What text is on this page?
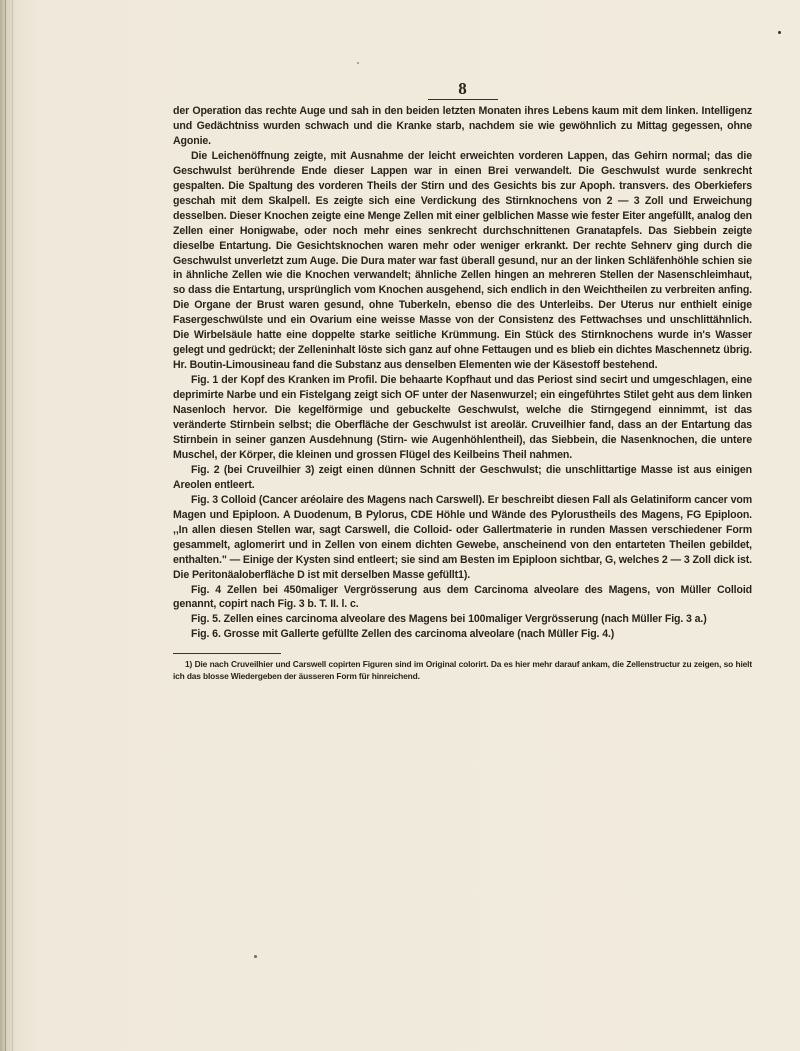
8

der Operation das rechte Auge und sah in den beiden letzten Monaten ihres Lebens kaum mit dem linken. Intelligenz und Gedächtniss wurden schwach und die Kranke starb, nachdem sie wie gewöhnlich zu Mittag gegessen, ohne Agonie.

Die Leichenöffnung zeigte, mit Ausnahme der leicht erweichten vorderen Lappen, das Gehirn normal; das die Geschwulst berührende Ende dieser Lappen war in einen Brei verwandelt. Die Geschwulst wurde senkrecht gespalten. Die Spaltung des vorderen Theils der Stirn und des Gesichts bis zur Apoph. transvers. des Oberkiefers geschah mit dem Skalpell. Es zeigte sich eine Verdickung des Stirnknochens von 2 — 3 Zoll und Erweichung desselben. Dieser Knochen zeigte eine Menge Zellen mit einer gelblichen Masse wie fester Eiter angefüllt, analog den Zellen einer Honigwabe, oder noch mehr eines senkrecht durchschnittenen Granatapfels. Das Siebbein zeigte dieselbe Entartung. Die Gesichtsknochen waren mehr oder weniger erkrankt. Der rechte Sehnerv ging durch die Geschwulst unverletzt zum Auge. Die Dura mater war fast überall gesund, nur an der linken Schläfenhöhle schien sie in ähnliche Zellen wie die Knochen verwandelt; ähnliche Zellen hingen an mehreren Stellen der Nasenschleimhaut, so dass die Entartung, ursprünglich vom Knochen ausgehend, sich endlich in den Weichtheilen zu verbreiten anfing. Die Organe der Brust waren gesund, ohne Tuberkeln, ebenso die des Unterleibs. Der Uterus nur enthielt einige Fasergeschwülste und ein Ovarium eine weisse Masse von der Consistenz des Fettwachses und unschlittähnlich. Die Wirbelsäule hatte eine doppelte starke seitliche Krümmung. Ein Stück des Stirnknochens wurde in's Wasser gelegt und gedrückt; der Zelleninhalt löste sich ganz auf ohne Fettaugen und es blieb ein dichtes Maschennetz übrig. Hr. Boutin-Limousineau fand die Substanz aus denselben Elementen wie der Käsestoff bestehend.

Fig. 1 der Kopf des Kranken im Profil. Die behaarte Kopfhaut und das Periost sind secirt und umgeschlagen, eine deprimirte Narbe und ein Fistelgang zeigt sich OF unter der Nasenwurzel; ein eingeführtes Stilet geht aus dem linken Nasenloch hervor. Die kegelförmige und gebuckelte Geschwulst, welche die Stirngegend einnimmt, ist das veränderte Stirnbein selbst; die Oberfläche der Geschwulst ist areolär. Cruveilhier fand, dass an der Entartung das Stirnbein in seiner ganzen Ausdehnung (Stirn- wie Augenhöhlentheil), das Siebbein, die Nasenknochen, die untere Muschel, der Körper, die kleinen und grossen Flügel des Keilbeins Theil nahmen.

Fig. 2 (bei Cruveilhier 3) zeigt einen dünnen Schnitt der Geschwulst; die unschlittartige Masse ist aus einigen Areolen entleert.

Fig. 3 Colloid (Cancer aréolaire des Magens nach Carswell). Er beschreibt diesen Fall als Gelatiniform cancer vom Magen und Epiploon. A Duodenum, B Pylorus, CDE Höhle und Wände des Pylorustheils des Magens, FG Epiploon. ,,In allen diesen Stellen war, sagt Carswell, die Colloid- oder Gallertmaterie in runden Massen verschiedener Form gesammelt, aglomerirt und in Zellen von einem dichten Gewebe, anscheinend von den entarteten Theilen gebildet, enthalten." — Einige der Kysten sind entleert; sie sind am Besten im Epiploon sichtbar, G, welches 2 — 3 Zoll dick ist. Die Peritonäaloberfläche D ist mit derselben Masse gefüllt1).

Fig. 4 Zellen bei 450maliger Vergrösserung aus dem Carcinoma alveolare des Magens, von Müller Colloid genannt, copirt nach Fig. 3 b. T. II. l. c.

Fig. 5. Zellen eines carcinoma alveolare des Magens bei 100maliger Vergrösserung (nach Müller Fig. 3 a.)

Fig. 6. Grosse mit Gallerte gefüllte Zellen des carcinoma alveolare (nach Müller Fig. 4.)

1) Die nach Cruveilhier und Carswell copirten Figuren sind im Original colorirt. Da es hier mehr darauf ankam, die Zellenstructur zu zeigen, so hielt ich das blosse Wiedergeben der äusseren Form für hinreichend.
